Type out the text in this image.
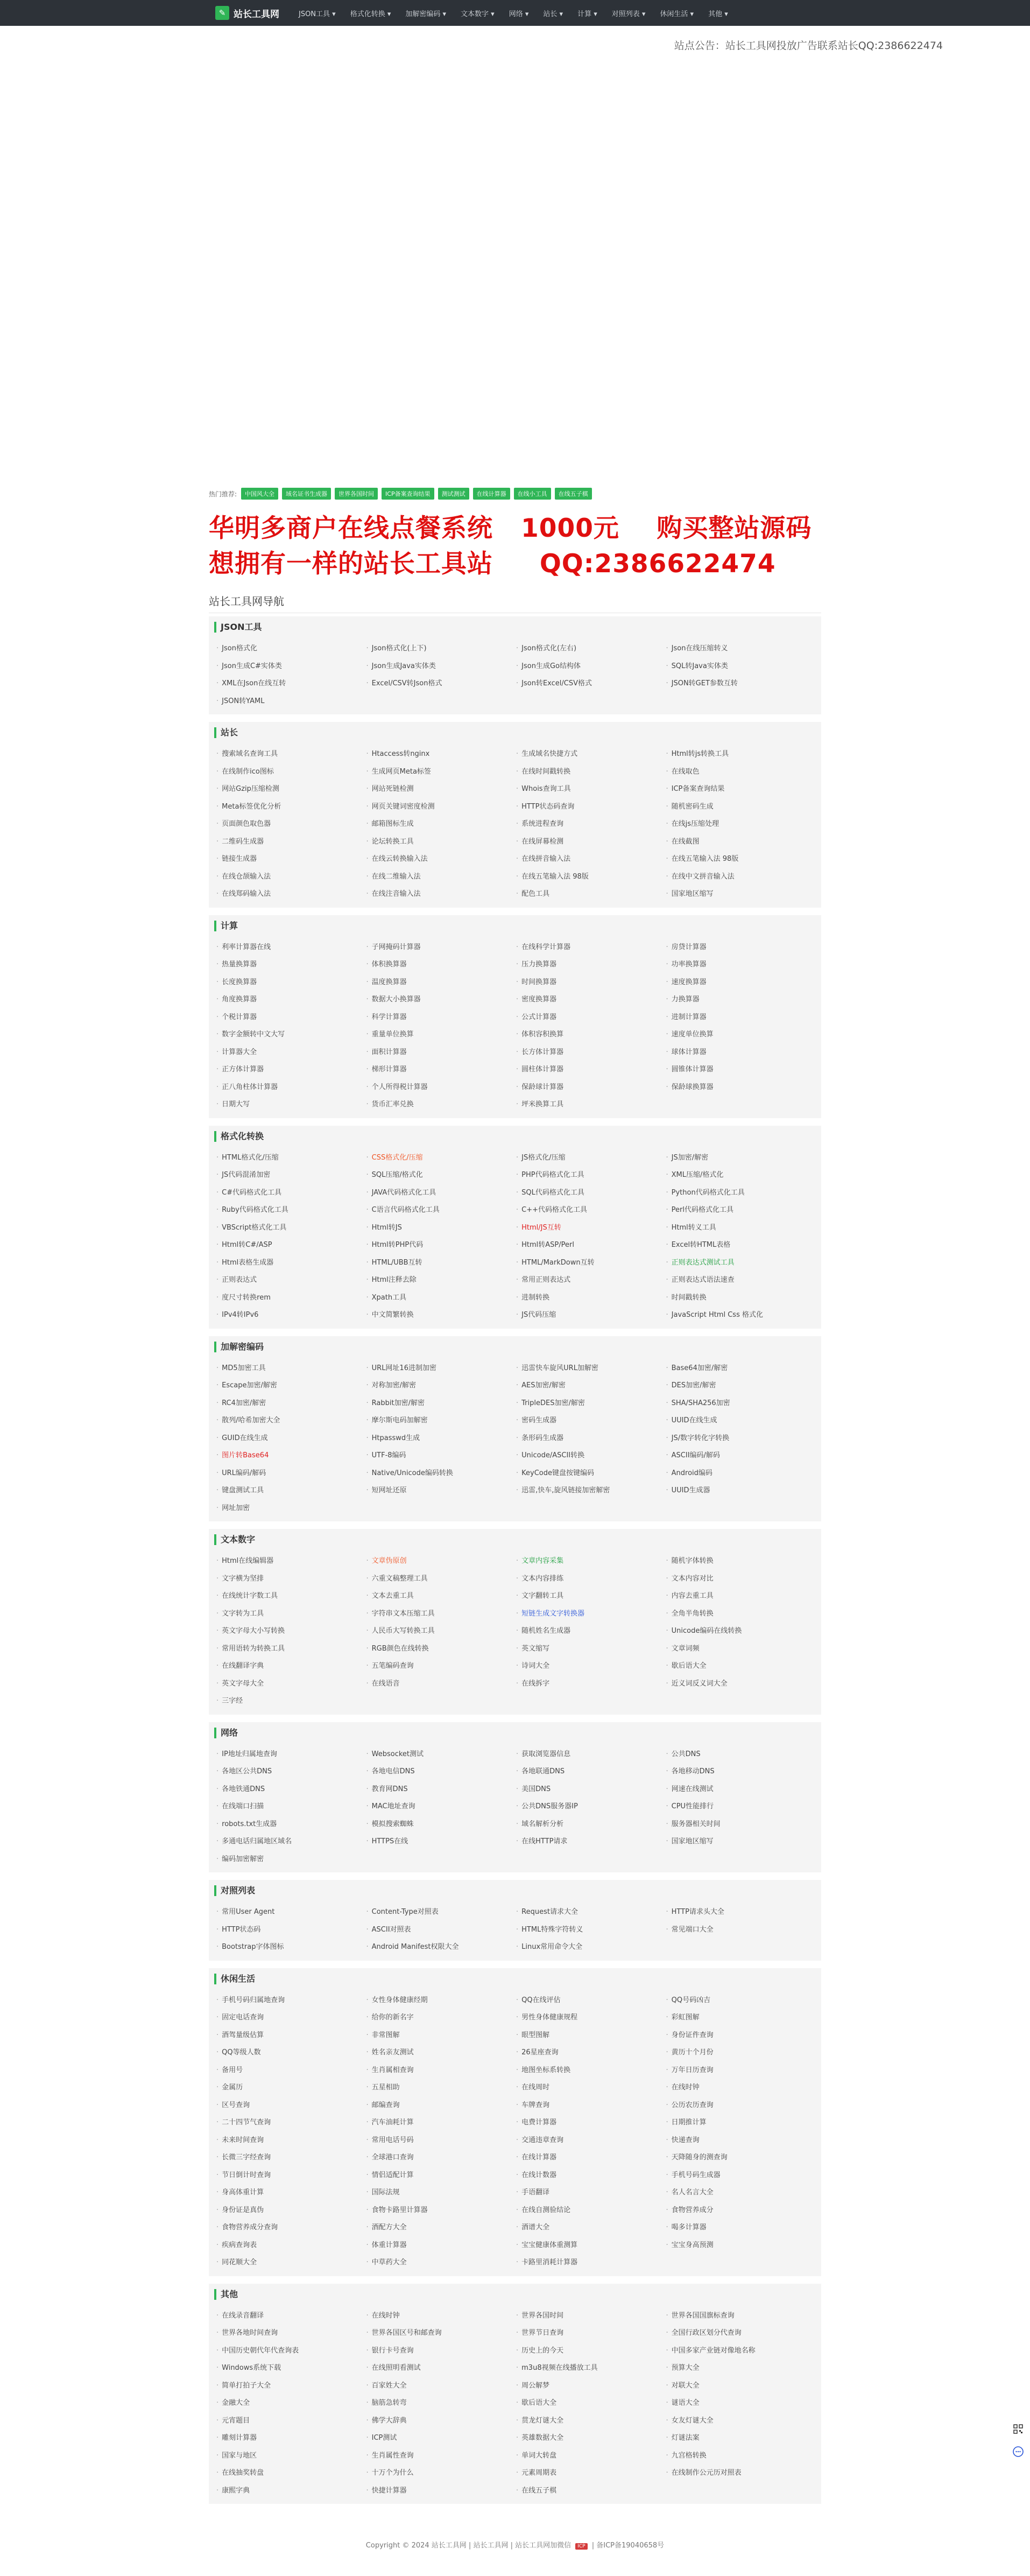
✎ 站长工具网	JSON工具 ▾ 格式化转换 ▾ 加解密编码 ▾ 文本数字 ▾ 网络 ▾ 站长 ▾ 计算 ▾ 对照列表 ▾ 休闲生活 ▾ 其他 ▾
站点公告：站长工具网投放广告联系站长QQ:2386622474
热门推荐:	中国风大全	域名证书生成器	世界各国时间	ICP备案查询结果	测试测试	在线计算器	在线小工具	在线五子棋
华明多商户在线点餐系统   1000元    购买整站源码
想拥有一样的站长工具站     QQ:2386622474
站长工具网导航
JSON工具
· Json格式化	· Json格式化(上下)	· Json格式化(左右)	· Json在线压缩转义
· Json生成C#实体类	· Json生成Java实体类	· Json生成Go结构体	· SQL转Java实体类
· XML在Json在线互转	· Excel/CSV转Json格式	· Json转Excel/CSV格式	· JSON转GET参数互转
· JSON转YAML
站长
· 搜索域名查询工具	· Htaccess转nginx	· 生成域名快捷方式	· Html转js转换工具
· 在线制作ico图标	· 生成网页Meta标签	· 在线时间戳转换	· 在线取色
· 网站Gzip压缩检测	· 网站死链检测	· Whois查询工具	· ICP备案查询结果
· Meta标签优化分析	· 网页关键词密度检测	· HTTP状态码查询	· 随机密码生成
· 页面颜色取色器	· 邮箱图标生成	· 系统进程查询	· 在线js压缩处理
· 二维码生成器	· 论坛转换工具	· 在线屏幕检测	· 在线截图
· 链接生成器	· 在线云转换输入法	· 在线拼音输入法	· 在线五笔输入法 98版
· 在线仓颉输入法	· 在线二维输入法	· 在线五笔输入法 98版	· 在线中文拼音输入法
· 在线郑码输入法	· 在线注音输入法	· 配色工具	· 国家地区缩写
计算
· 利率计算器在线	· 子网掩码计算器	· 在线科学计算器	· 房贷计算器
· 热量换算器	· 体积换算器	· 压力换算器	· 功率换算器
· 长度换算器	· 温度换算器	· 时间换算器	· 速度换算器
· 角度换算器	· 数据大小换算器	· 密度换算器	· 力换算器
· 个税计算器	· 科学计算器	· 公式计算器	· 进制计算器
· 数字金额转中文大写	· 重量单位换算	· 体积容积换算	· 速度单位换算
· 计算器大全	· 面积计算器	· 长方体计算器	· 球体计算器
· 正方体计算器	· 梯形计算器	· 圆柱体计算器	· 圆锥体计算器
· 正八角柱体计算器	· 个人所得税计算器	· 保龄球计算器	· 保龄球换算器
· 日期大写	· 货币汇率兑换	· 坪米换算工具
格式化转换
· HTML格式化/压缩	· CSS格式化/压缩	· JS格式化/压缩	· JS加密/解密
· JS代码混淆加密	· SQL压缩/格式化	· PHP代码格式化工具	· XML压缩/格式化
· C#代码格式化工具	· JAVA代码格式化工具	· SQL代码格式化工具	· Python代码格式化工具
· Ruby代码格式化工具	· C语言代码格式化工具	· C++代码格式化工具	· Perl代码格式化工具
· VBScript格式化工具	· Html转JS	· Html/JS互转	· Html转义工具
· Html转C#/ASP	· Html转PHP代码	· Html转ASP/Perl	· Excel转HTML表格
· Html表格生成器	· HTML/UBB互转	· HTML/MarkDown互转	· 正则表达式测试工具
· 正则表达式	· Html注释去除	· 常用正则表达式	· 正则表达式语法速查
· 度尺寸转换rem	· Xpath工具	· 进制转换	· 时间戳转换
· IPv4转IPv6	· 中文简繁转换	· JS代码压缩	· JavaScript Html Css 格式化
加解密编码
· MD5加密工具	· URL网址16进制加密	· 迅雷快车旋风URL加解密	· Base64加密/解密
· Escape加密/解密	· 对称加密/解密	· AES加密/解密	· DES加密/解密
· RC4加密/解密	· Rabbit加密/解密	· TripleDES加密/解密	· SHA/SHA256加密
· 散列/哈希加密大全	· 摩尔斯电码加解密	· 密码生成器	· UUID在线生成
· GUID在线生成	· Htpasswd生成	· 条形码生成器	· JS/数字转化字转换
· 图片转Base64	· UTF-8编码	· Unicode/ASCII转换	· ASCII编码/解码
· URL编码/解码	· Native/Unicode编码转换	· KeyCode键盘按键编码	· Android编码
· 键盘测试工具	· 短网址还原	· 迅雷,快车,旋风链接加密解密	· UUID生成器
· 网址加密
文本数字
· Html在线编辑器	· 文章伪原创	· 文章内容采集	· 随机字体转换
· 文字横为坚排	· 六重文稿整理工具	· 文本内容排练	· 文本内容对比
· 在线统计字数工具	· 文本去重工具	· 文字翻转工具	· 内容去重工具
· 文字转为工具	· 字符串文本压缩工具	· 短链生成文字转换器	· 全角半角转换
· 英文字母大小写转换	· 人民币大写转换工具	· 随机姓名生成器	· Unicode编码在线转换
· 常用语转为转换工具	· RGB颜色在线转换	· 英文缩写	· 文章词频
· 在线翻译字典	· 五笔编码查询	· 诗词大全	· 歇后语大全
· 英文字母大全	· 在线语音	· 在线拆字	· 近义词反义词大全
· 三字经
网络
· IP地址归属地查询	· Websocket测试	· 获取浏览器信息	· 公共DNS
· 各地区公共DNS	· 各地电信DNS	· 各地联通DNS	· 各地移动DNS
· 各地铁通DNS	· 教育网DNS	· 美国DNS	· 网速在线测试
· 在线端口扫描	· MAC地址查询	· 公共DNS服务器IP	· CPU性能排行
· robots.txt生成器	· 模拟搜索蜘蛛	· 域名解析分析	· 服务器相关时间
· 多通电话归属地区域名	· HTTPS在线	· 在线HTTP请求	· 国家地区缩写
· 编码加密解密
对照列表
· 常用User Agent	· Content-Type对照表	· Request请求大全	· HTTP请求头大全
· HTTP状态码	· ASCII对照表	· HTML特殊字符转义	· 常见端口大全
· Bootstrap字体图标	· Android Manifest权限大全	· Linux常用命令大全
休闲生活
· 手机号码归属地查询	· 女性身体健康经期	· QQ在线评估	· QQ号码凶吉
· 固定电话查询	· 给你的新名字	· 男性身体健康规程	· 彩虹图解
· 酒驾量级估算	· 非常图解	· 眼型图解	· 身份证件查询
· QQ等级人数	· 姓名亲友测试	· 26星座查询	· 黄历十个月份
· 备用号	· 生肖属相查询	· 地图坐标系转换	· 万年日历查询
· 金属历	· 五星相助	· 在线周时	· 在线时钟
· 区号查询	· 邮编查询	· 车牌查询	· 公历农历查询
· 二十四节气查询	· 汽车油耗计算	· 电费计算器	· 日期推计算
· 未来时间查询	· 常用电话号码	· 交通违章查询	· 快递查询
· 长微三字经查询	· 全球港口查询	· 在线计算器	· 天降随身的测查询
· 节日倒计时查询	· 情侣适配计算	· 在线计数器	· 手机号码生成器
· 身高体重计算	· 国际法规	· 手语翻译	· 名人名言大全
· 身份证是真伪	· 食物卡路里计算器	· 在线自测验结论	· 食物营养成分
· 食物营养成分查询	· 酒配方大全	· 酒谱大全	· 喝多计算器
· 疾病查询表	· 体重计算器	· 宝宝健康体重测算	· 宝宝身高预测
· 同花顺大全	· 中草药大全	· 卡路里消耗计算器
其他
· 在线录音翻译	· 在线时钟	· 世界各国时间	· 世界各国国旗标查询
· 世界各地时间查询	· 世界各国区号和邮查询	· 世界节日查询	· 全国行政区划分代查询
· 中国历史朝代年代查询表	· 银行卡号查询	· 历史上的今天	· 中国多家产业链对像地名称
· Windows系统下载	· 在线照明看测试	· m3u8视频在线播放工具	· 预算大全
· 简单打拍子大全	· 百家姓大全	· 周公解梦	· 对联大全
· 金融大全	· 脑筋急转弯	· 歇后语大全	· 谜语大全
· 元宵题目	· 佛学大辞典	· 贯龙灯谜大全	· 女友灯谜大全
· 雕刻计算器	· ICP测试	· 英雄数据大全	· 灯谜法案
· 国家与地区	· 生肖属性查询	· 单词大转盘	· 九宫格转换
· 在线抽奖转盘	· 十万个为什么	· 元素周期表	· 在线制作公元历对照表
· 康熙字典	· 快捷计算器	· 在线五子棋
Copyright © 2024 站长工具网 | 站长工具网 | 站长工具网加微信 ICP | 备ICP备19040658号
